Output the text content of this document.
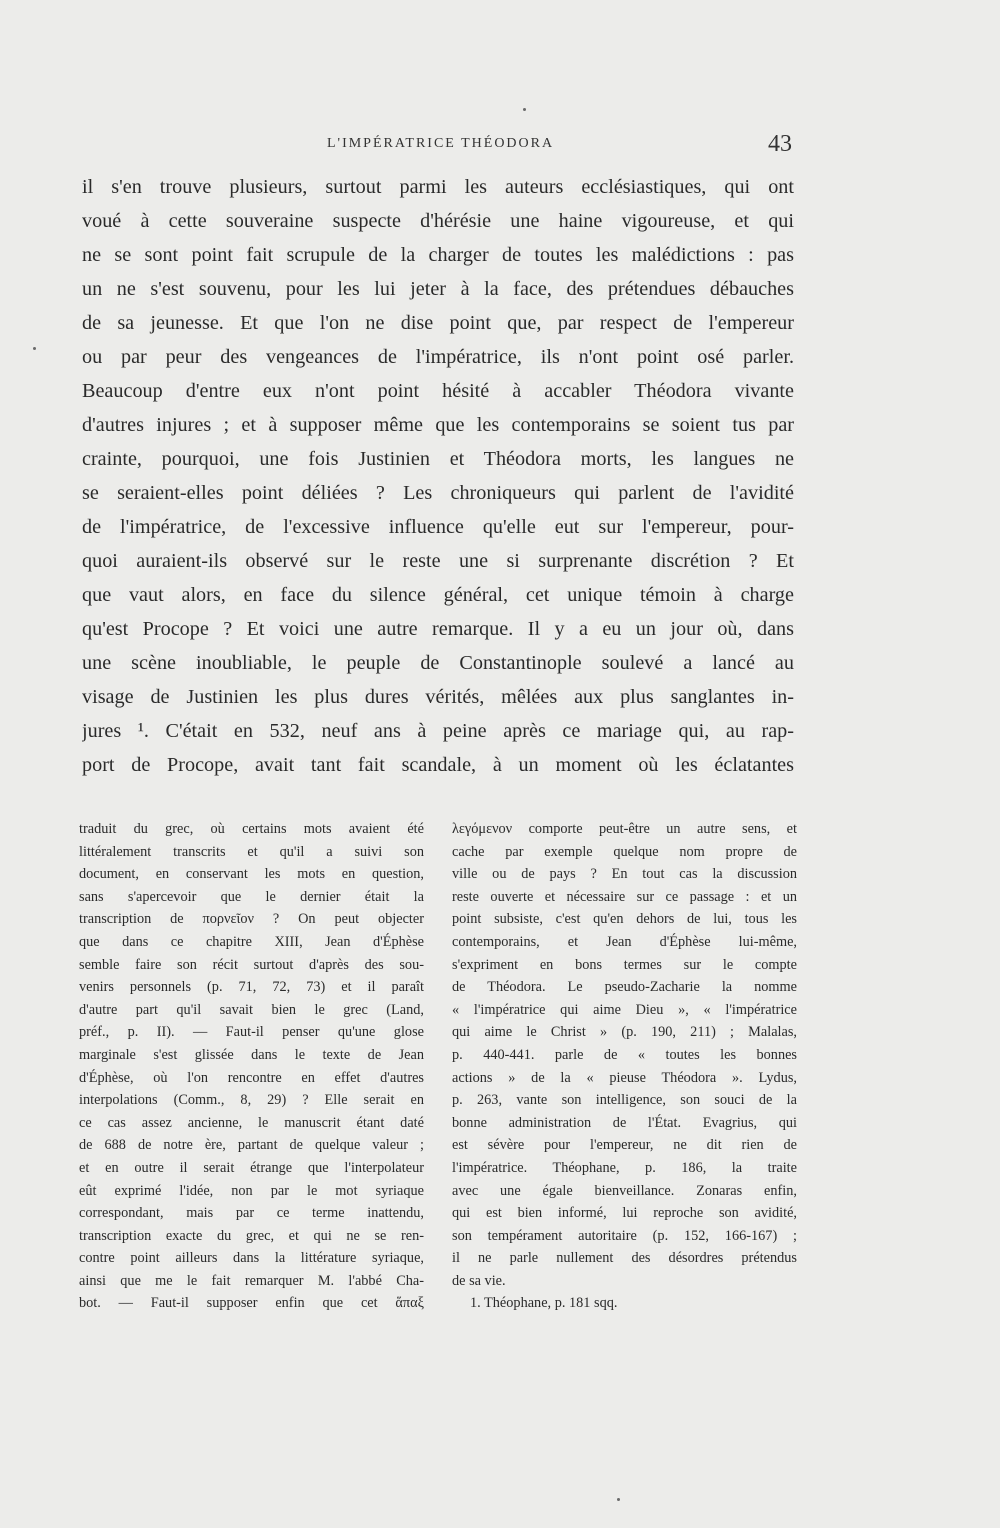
L'IMPÉRATRICE THÉODORA	43
il s'en trouve plusieurs, surtout parmi les auteurs ecclésiastiques, qui ont
voué à cette souveraine suspecte d'hérésie une haine vigoureuse, et qui
ne se sont point fait scrupule de la charger de toutes les malédictions : pas
un ne s'est souvenu, pour les lui jeter à la face, des prétendues débauches
de sa jeunesse. Et que l'on ne dise point que, par respect de l'empereur
ou par peur des vengeances de l'impératrice, ils n'ont point osé parler.
Beaucoup d'entre eux n'ont point hésité à accabler Théodora vivante
d'autres injures ; et à supposer même que les contemporains se soient tus par
crainte, pourquoi, une fois Justinien et Théodora morts, les langues ne
se seraient-elles point déliées ? Les chroniqueurs qui parlent de l'avidité
de l'impératrice, de l'excessive influence qu'elle eut sur l'empereur, pour-
quoi auraient-ils observé sur le reste une si surprenante discrétion ? Et
que vaut alors, en face du silence général, cet unique témoin à charge
qu'est Procope ? Et voici une autre remarque. Il y a eu un jour où, dans
une scène inoubliable, le peuple de Constantinople soulevé a lancé au
visage de Justinien les plus dures vérités, mêlées aux plus sanglantes in-
jures ¹. C'était en 532, neuf ans à peine après ce mariage qui, au rap-
port de Procope, avait tant fait scandale, à un moment où les éclatantes
traduit du grec, où certains mots avaient été
littéralement transcrits et qu'il a suivi son
document, en conservant les mots en question,
sans s'apercevoir que le dernier était la
transcription de πορνεῖον ? On peut objecter
que dans ce chapitre XIII, Jean d'Éphèse
semble faire son récit surtout d'après des sou-
venirs personnels (p. 71, 72, 73) et il paraît
d'autre part qu'il savait bien le grec (Land,
préf., p. II). — Faut-il penser qu'une glose
marginale s'est glissée dans le texte de Jean
d'Éphèse, où l'on rencontre en effet d'autres
interpolations (Comm., 8, 29) ? Elle serait en
ce cas assez ancienne, le manuscrit étant daté
de 688 de notre ère, partant de quelque valeur ;
et en outre il serait étrange que l'interpolateur
eût exprimé l'idée, non par le mot syriaque
correspondant, mais par ce terme inattendu,
transcription exacte du grec, et qui ne se ren-
contre point ailleurs dans la littérature syriaque,
ainsi que me le fait remarquer M. l'abbé Cha-
bot. — Faut-il supposer enfin que cet ἅπαξ
λεγόμενον comporte peut-être un autre sens, et
cache par exemple quelque nom propre de
ville ou de pays ? En tout cas la discussion
reste ouverte et nécessaire sur ce passage : et un
point subsiste, c'est qu'en dehors de lui, tous les
contemporains, et Jean d'Éphèse lui-même,
s'expriment en bons termes sur le compte
de Théodora. Le pseudo-Zacharie la nomme
« l'impératrice qui aime Dieu », « l'impératrice
qui aime le Christ » (p. 190, 211) ; Malalas,
p. 440-441. parle de « toutes les bonnes
actions » de la « pieuse Théodora ». Lydus,
p. 263, vante son intelligence, son souci de la
bonne administration de l'État. Evagrius, qui
est sévère pour l'empereur, ne dit rien de
l'impératrice. Théophane, p. 186, la traite
avec une égale bienveillance. Zonaras enfin,
qui est bien informé, lui reproche son avidité,
son tempérament autoritaire (p. 152, 166-167) ;
il ne parle nullement des désordres prétendus
de sa vie.
1. Théophane, p. 181 sqq.
